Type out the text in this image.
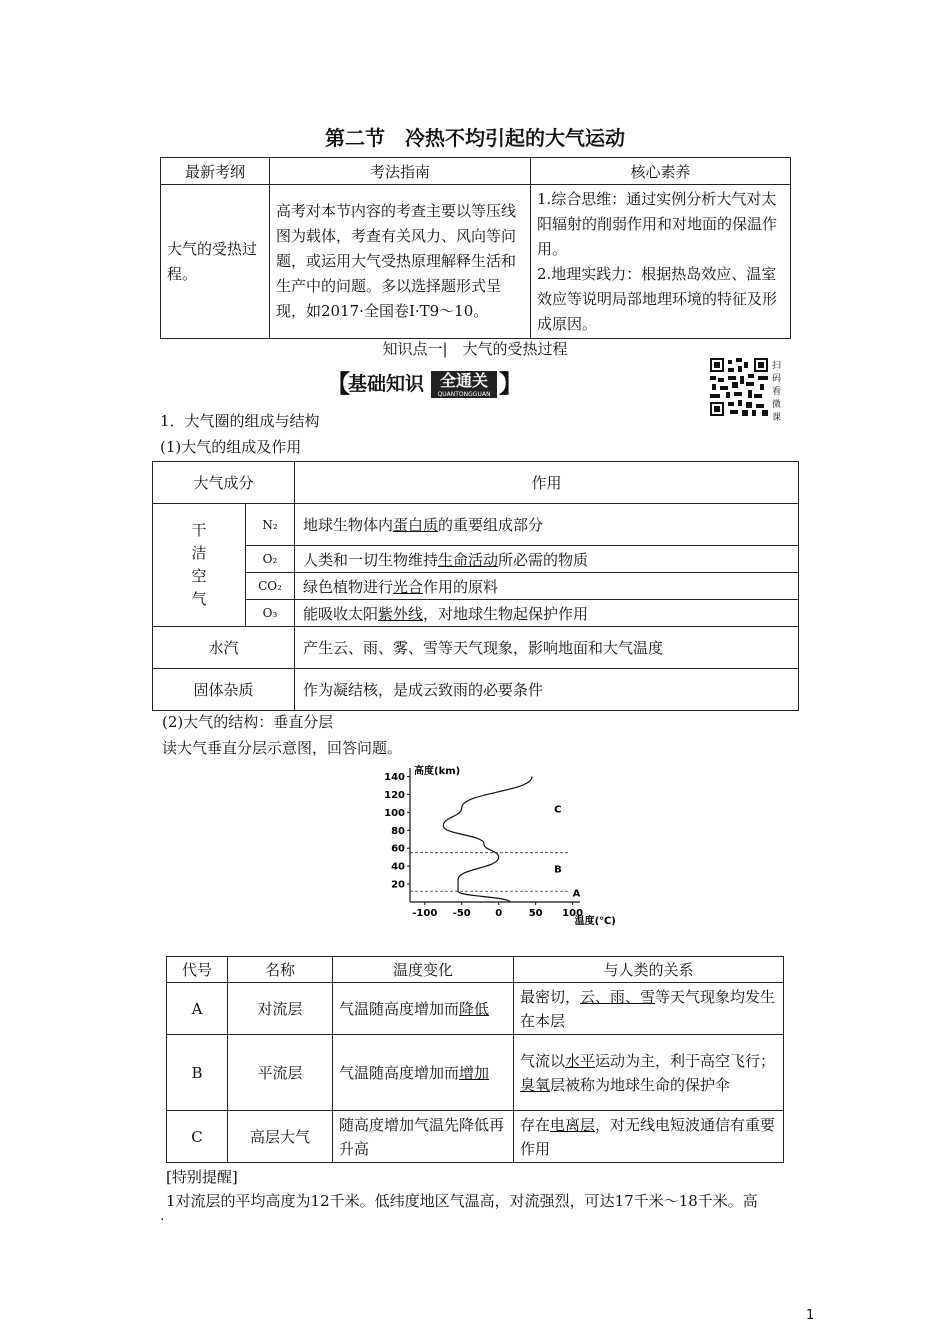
第二节　冷热不均引起的大气运动
最新考纲	考法指南	核心素养
大气的受热过程。	高考对本节内容的考查主要以等压线图为载体，考查有关风力、风向等问题，或运用大气受热原理解释生活和生产中的问题。多以选择题形式呈现，如2017·全国卷Ⅰ·T9～10。	1.综合思维：通过实例分析大气对太阳辐射的削弱作用和对地面的保温作用。
2.地理实践力：根据热岛效应、温室效应等说明局部地理环境的特征及形成原因。
知识点一|　大气的受热过程
【
基础知识 全通关
QUANTONGGUAN 】
扫码看微课
1．大气圈的组成与结构
(1)大气的组成及作用
大气成分		作用

干洁空气	N₂	地球生物体内蛋白质的重要组成部分
	O₂	人类和一切生物维持生命活动所必需的物质
	CO₂	绿色植物进行光合作用的原料
	O₃	能吸收太阳紫外线，对地球生物起保护作用
水汽		产生云、雨、雾、雪等天气现象，影响地面和大气温度
固体杂质		作为凝结核，是成云致雨的必要条件
(2)大气的结构：垂直分层
读大气垂直分层示意图，回答问题。
高度(km)
温度(℃)
20
40
60
80
100
120
140
-100 -50 0	50 100
A
B
C
代号	名称	温度变化	与人类的关系
A	对流层	气温随高度增加而降低	最密切，云、雨、雪等天气现象均发生在本层
B	平流层	气温随高度增加而增加	气流以水平运动为主，利于高空飞行；臭氧层被称为地球生命的保护伞
C	高层大气	随高度增加气温先降低再升高	存在电离层，对无线电短波通信有重要作用
[特别提醒]
1对流层的平均高度为12千米。低纬度地区气温高，对流强烈，可达17千米～18千米。高
.
1
